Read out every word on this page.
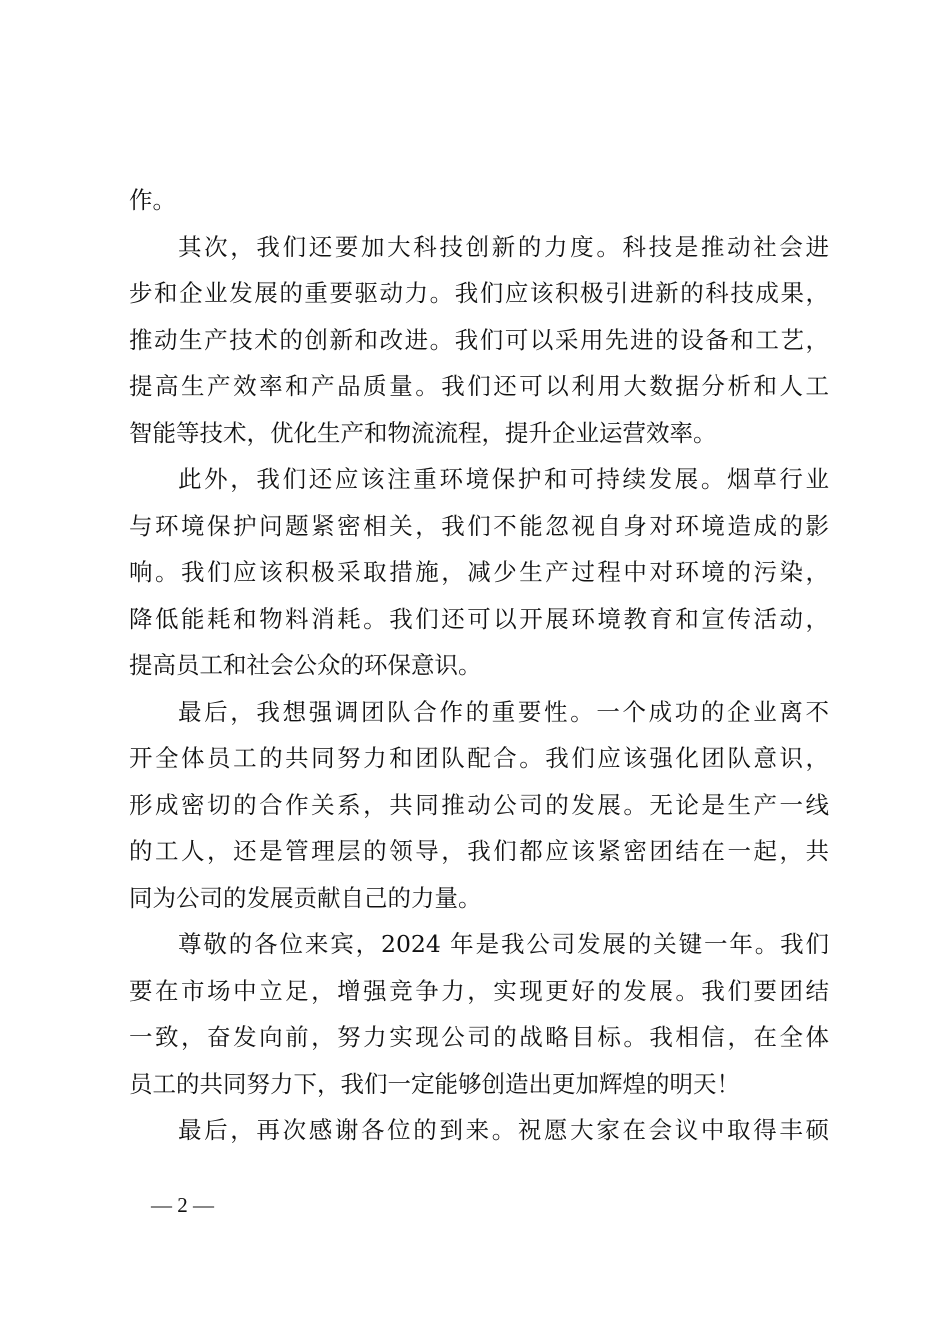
作。
其次，我们还要加大科技创新的力度。科技是推动社会进
步和企业发展的重要驱动力。我们应该积极引进新的科技成果，
推动生产技术的创新和改进。我们可以采用先进的设备和工艺，
提高生产效率和产品质量。我们还可以利用大数据分析和人工
智能等技术，优化生产和物流流程，提升企业运营效率。
此外，我们还应该注重环境保护和可持续发展。烟草行业
与环境保护问题紧密相关，我们不能忽视自身对环境造成的影
响。我们应该积极采取措施，减少生产过程中对环境的污染，
降低能耗和物料消耗。我们还可以开展环境教育和宣传活动，
提高员工和社会公众的环保意识。
最后，我想强调团队合作的重要性。一个成功的企业离不
开全体员工的共同努力和团队配合。我们应该强化团队意识，
形成密切的合作关系，共同推动公司的发展。无论是生产一线
的工人，还是管理层的领导，我们都应该紧密团结在一起，共
同为公司的发展贡献自己的力量。
尊敬的各位来宾，2024 年是我公司发展的关键一年。我们
要在市场中立足，增强竞争力，实现更好的发展。我们要团结
一致，奋发向前，努力实现公司的战略目标。我相信，在全体
员工的共同努力下，我们一定能够创造出更加辉煌的明天！
最后，再次感谢各位的到来。祝愿大家在会议中取得丰硕
— 2 —
